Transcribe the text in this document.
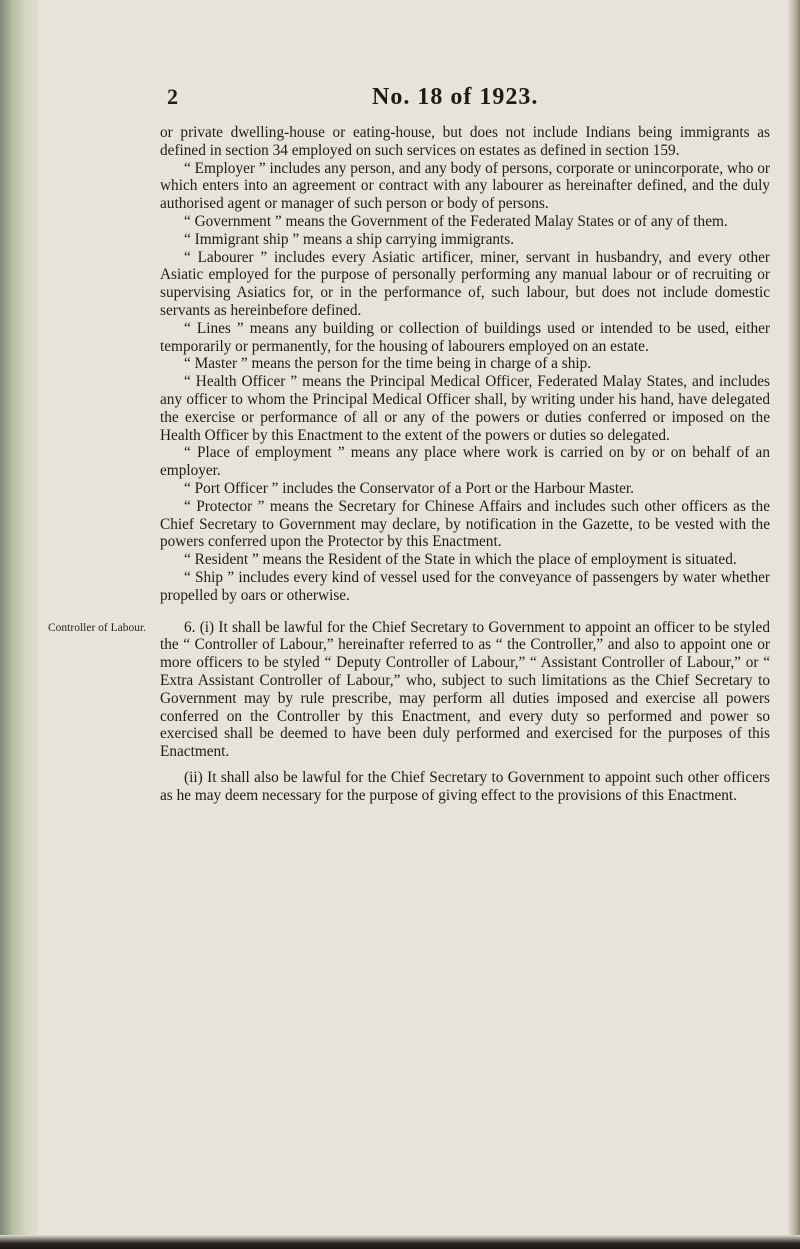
2	No. 18 of 1923.

or private dwelling-house or eating-house, but does not include Indians being immigrants as defined in section 34 employed on such services on estates as defined in section 159.

“ Employer ” includes any person, and any body of persons, corporate or unincorporate, who or which enters into an agreement or contract with any labourer as hereinafter defined, and the duly authorised agent or manager of such person or body of persons.

“ Government ” means the Government of the Federated Malay States or of any of them.

“ Immigrant ship ” means a ship carrying immigrants.

“ Labourer ” includes every Asiatic artificer, miner, servant in husbandry, and every other Asiatic employed for the purpose of personally performing any manual labour or of recruiting or supervising Asiatics for, or in the performance of, such labour, but does not include domestic servants as hereinbefore defined.

“ Lines ” means any building or collection of buildings used or intended to be used, either temporarily or permanently, for the housing of labourers employed on an estate.

“ Master ” means the person for the time being in charge of a ship.

“ Health Officer ” means the Principal Medical Officer, Federated Malay States, and includes any officer to whom the Principal Medical Officer shall, by writing under his hand, have delegated the exercise or performance of all or any of the powers or duties conferred or imposed on the Health Officer by this Enactment to the extent of the powers or duties so delegated.

“ Place of employment ” means any place where work is carried on by or on behalf of an employer.

“ Port Officer ” includes the Conservator of a Port or the Harbour Master.

“ Protector ” means the Secretary for Chinese Affairs and includes such other officers as the Chief Secretary to Government may declare, by notification in the Gazette, to be vested with the powers conferred upon the Protector by this Enactment.

“ Resident ” means the Resident of the State in which the place of employment is situated.

“ Ship ” includes every kind of vessel used for the conveyance of passengers by water whether propelled by oars or otherwise.

6. (i) It shall be lawful for the Chief Secretary to Government to appoint an officer to be styled the “ Controller of Labour,” hereinafter referred to as “ the Controller,” and also to appoint one or more officers to be styled “ Deputy Controller of Labour,” “ Assistant Controller of Labour,” or “ Extra Assistant Controller of Labour,” who, subject to such limitations as the Chief Secretary to Government may by rule prescribe, may perform all duties imposed and exercise all powers conferred on the Controller by this Enactment, and every duty so performed and power so exercised shall be deemed to have been duly performed and exercised for the purposes of this Enactment.

(ii) It shall also be lawful for the Chief Secretary to Government to appoint such other officers as he may deem necessary for the purpose of giving effect to the provisions of this Enactment.

Controller of Labour.
